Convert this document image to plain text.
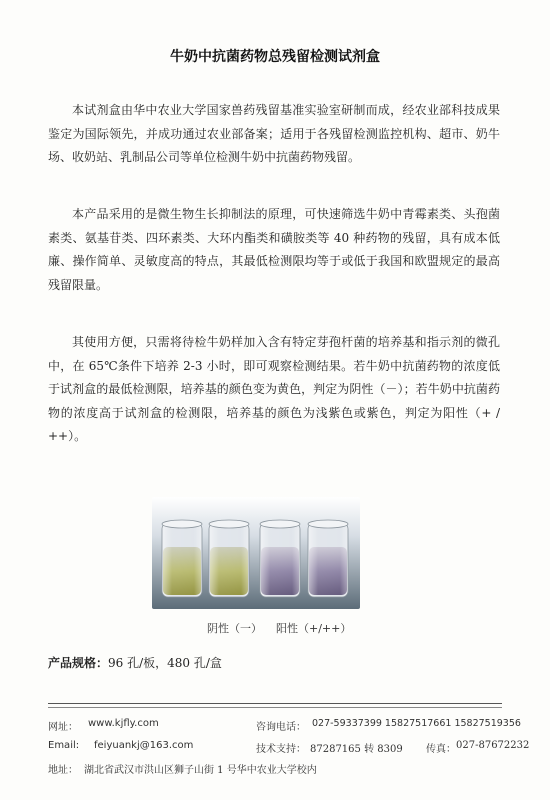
牛奶中抗菌药物总残留检测试剂盒

本试剂盒由华中农业大学国家兽药残留基准实验室研制而成，经农业部科技成果鉴定为国际领先，并成功通过农业部备案；适用于各残留检测监控机构、超市、奶牛场、收奶站、乳制品公司等单位检测牛奶中抗菌药物残留。

本产品采用的是微生物生长抑制法的原理，可快速筛选牛奶中青霉素类、头孢菌素类、氨基苷类、四环素类、大环内酯类和磺胺类等 40 种药物的残留，具有成本低廉、操作简单、灵敏度高的特点，其最低检测限均等于或低于我国和欧盟规定的最高残留限量。

其使用方便，只需将待检牛奶样加入含有特定芽孢杆菌的培养基和指示剂的微孔中，在 65℃条件下培养 2-3 小时，即可观察检测结果。若牛奶中抗菌药物的浓度低于试剂盒的最低检测限，培养基的颜色变为黄色，判定为阴性（－）；若牛奶中抗菌药物的浓度高于试剂盒的检测限，培养基的颜色为浅紫色或紫色，判定为阳性（+ / ++）。

阴性（一） 阳性（+/++）
产品规格：96 孔/板，480 孔/盒
网址： www.kjfly.com	咨询电话： 027-59337399 15827517661 15827519356
Email: feiyuankj@163.com	技术支持： 87287165 转 8309 传真： 027-87672232
地址： 湖北省武汉市洪山区狮子山街 1 号华中农业大学校内
